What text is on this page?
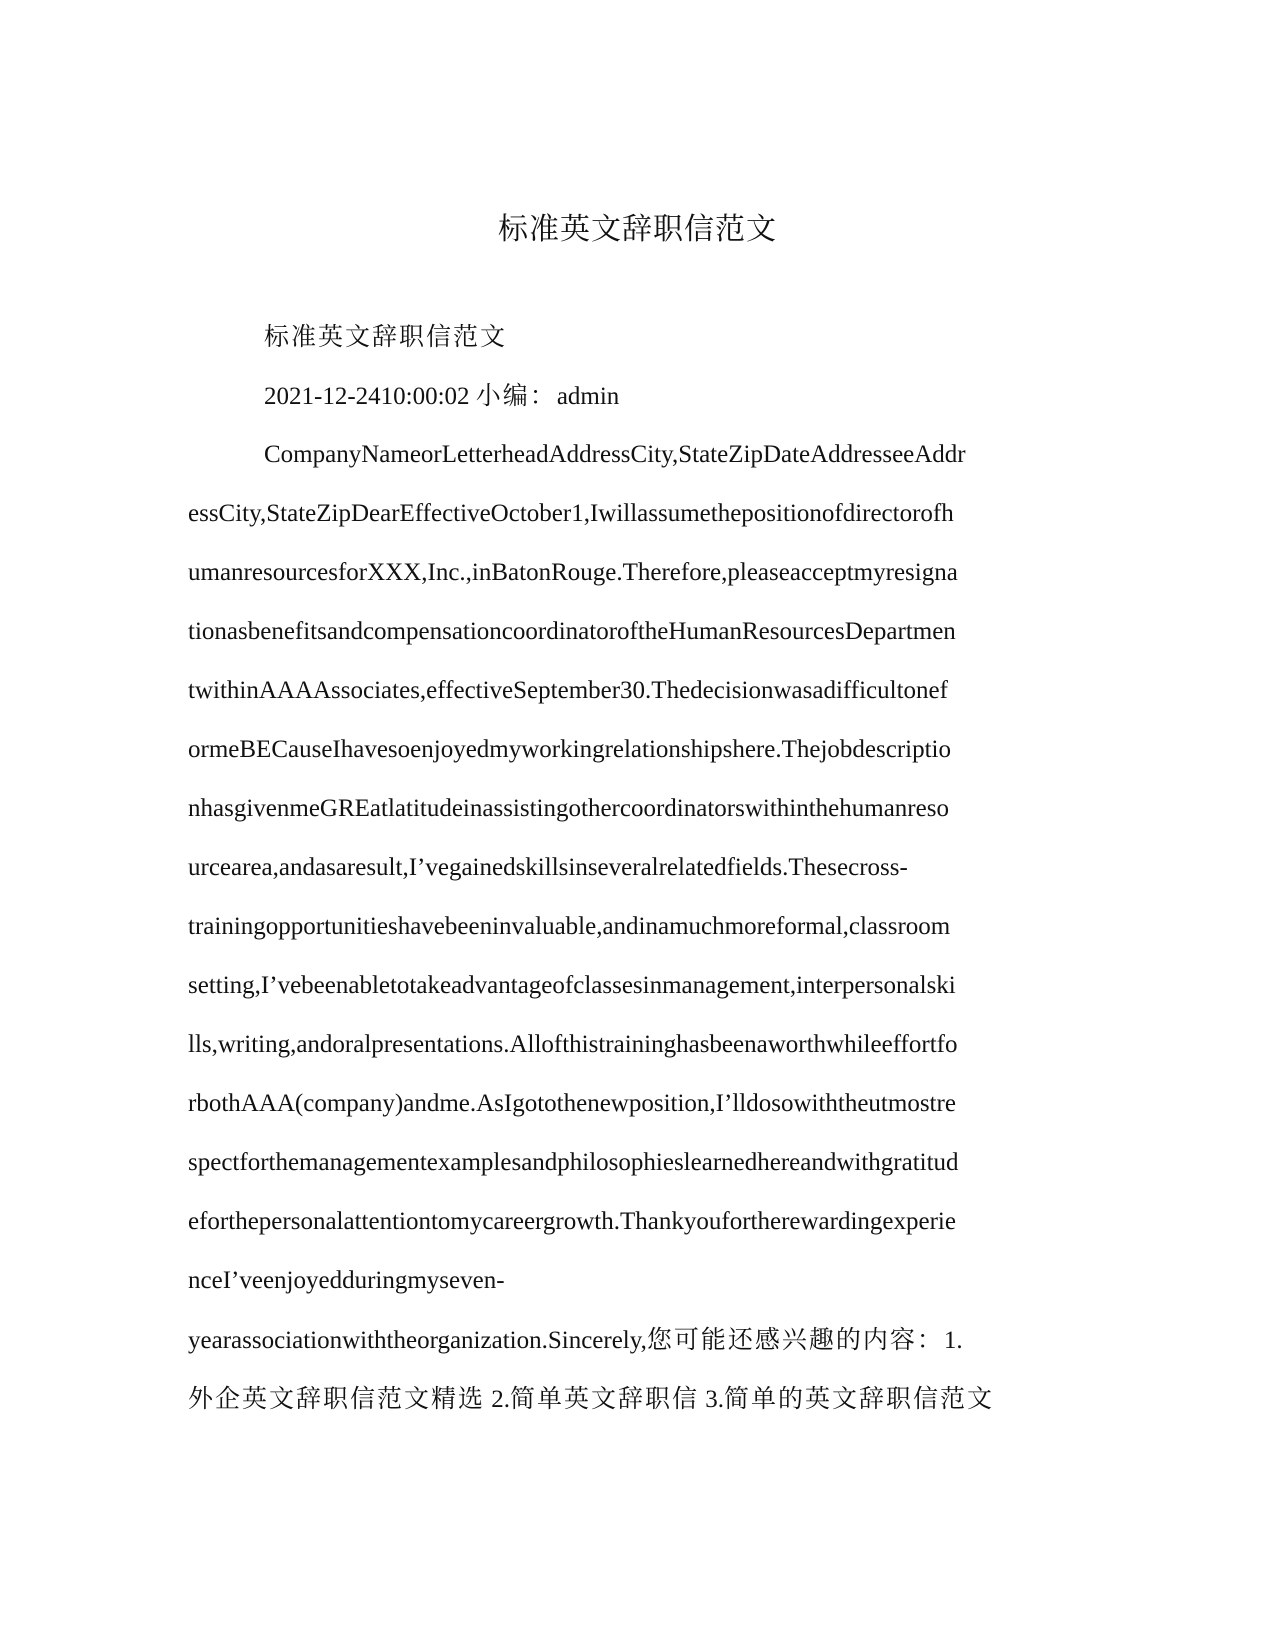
标准英文辞职信范文
标准英文辞职信范文
2021-12-2410:00:02 小编：admin
CompanyNameorLetterheadAddressCity,StateZipDateAddresseeAddr
essCity,StateZipDearEffectiveOctober1,Iwillassumethepositionofdirectorofh
umanresourcesforXXX,Inc.,inBatonRouge.Therefore,pleaseacceptmyresigna
tionasbenefitsandcompensationcoordinatoroftheHumanResourcesDepartmen
twithinAAAAssociates,effectiveSeptember30.Thedecisionwasadifficultonef
ormeBECauseIhavesoenjoyedmyworkingrelationshipshere.Thejobdescriptio
nhasgivenmeGREatlatitudeinassistingothercoordinatorswithinthehumanreso
urcearea,andasaresult,I’vegainedskillsinseveralrelatedfields.Thesecross-
trainingopportunitieshavebeeninvaluable,andinamuchmoreformal,classroom
setting,I’vebeenabletotakeadvantageofclassesinmanagement,interpersonalski
lls,writing,andoralpresentations.Allofthistraininghasbeenaworthwhileeffortfo
rbothAAA(company)andme.AsIgotothenewposition,I’lldosowiththeutmostre
spectforthemanagementexamplesandphilosophieslearnedhereandwithgratitud
eforthepersonalattentiontomycareergrowth.Thankyoufortherewardingexperie
nceI’veenjoyedduringmyseven-
yearassociationwiththeorganization.Sincerely,您可能还感兴趣的内容：1.
外企英文辞职信范文精选 2.简单英文辞职信 3.简单的英文辞职信范文
